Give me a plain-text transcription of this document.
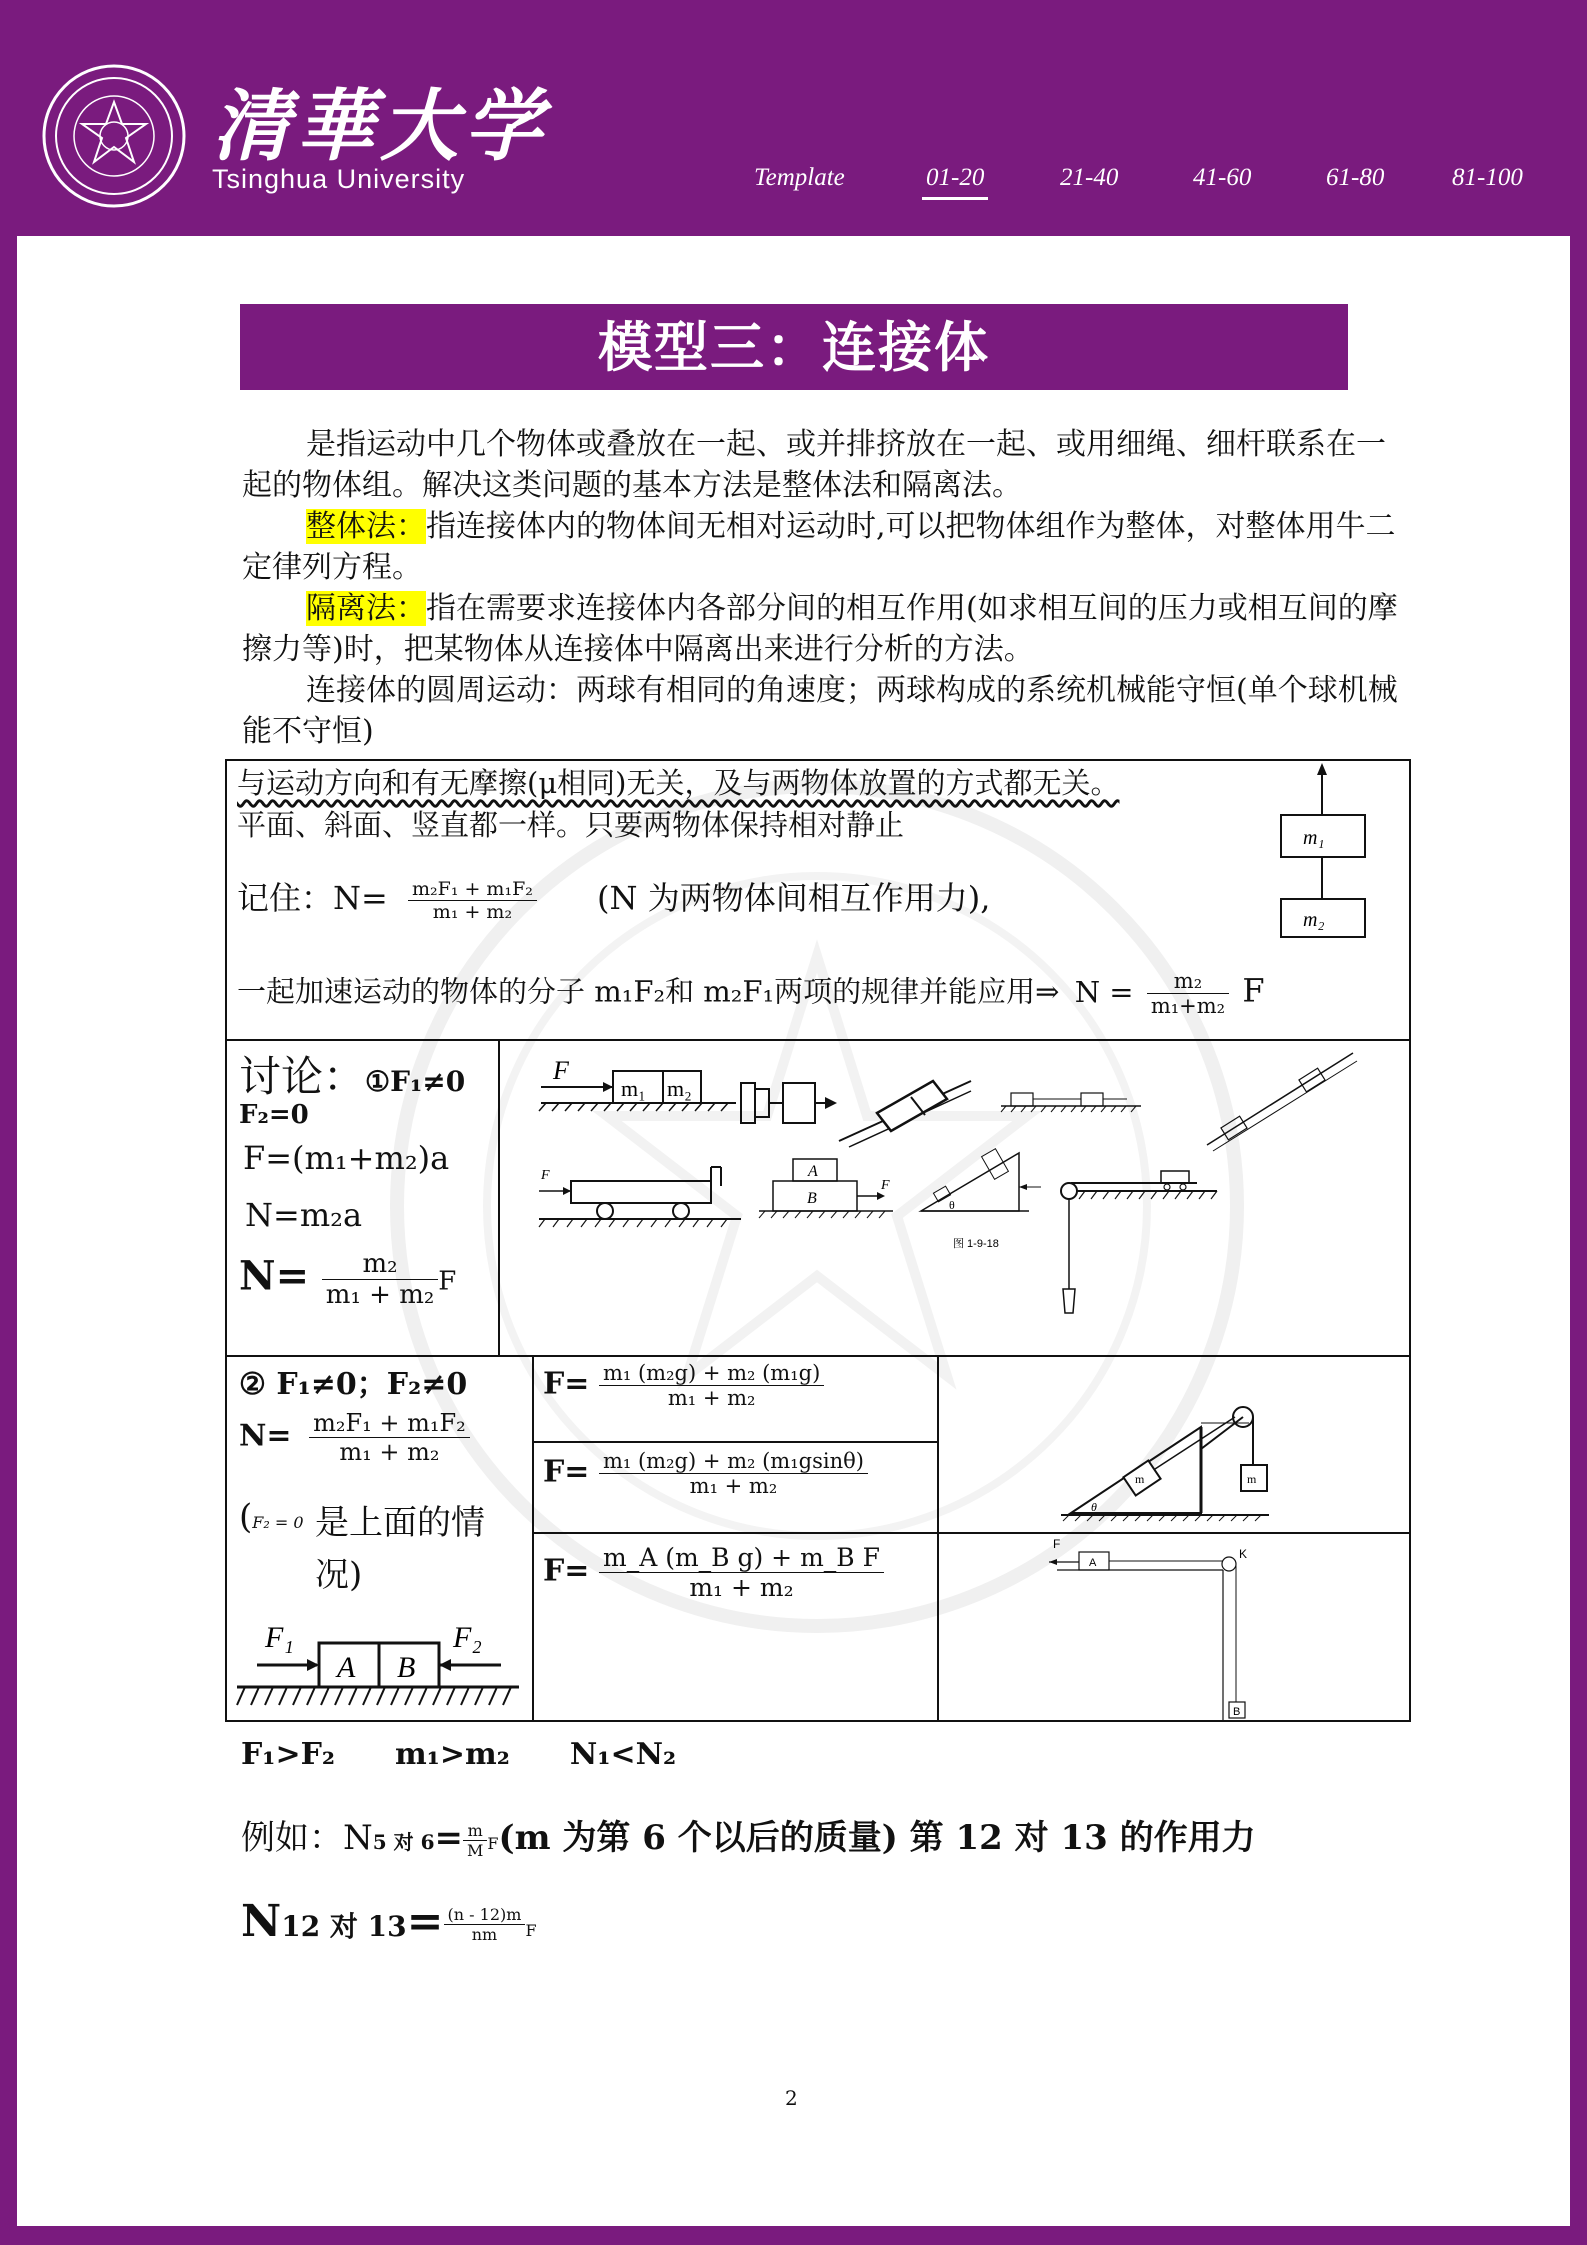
清華大学
Tsinghua University	Template	01-20	21-40	41-60	61-80	81-100
模型三：连接体
是指运动中几个物体或叠放在一起、或并排挤放在一起、或用细绳、细杆联系在一起的物体组。解决这类问题的基本方法是整体法和隔离法。
整体法：指连接体内的物体间无相对运动时,可以把物体组作为整体，对整体用牛二定律列方程。
隔离法：指在需要求连接体内各部分间的相互作用(如求相互间的压力或相互间的摩擦力等)时，把某物体从连接体中隔离出来进行分析的方法。
连接体的圆周运动：两球有相同的角速度；两球构成的系统机械能守恒(单个球机械能不守恒)
与运动方向和有无摩擦(μ相同)无关，及与两物体放置的方式都无关。
平面、斜面、竖直都一样。只要两物体保持相对静止
记住：$N= \frac{\text{m₂F₁ + m₁F₂}}{\text{m₁ + m₂}} (N$ 为两物体间相互作用力),
一起加速运动的物体的分子 m₁F₂和 m₂F₁两项的规律并能应用⇒ $N = \frac{\text{m₂}}{\text{m₁+m₂}}$ F
m₁
m₂
讨论：①F₁≠0
F₂=0
F=(m₁+m₂)a
N=m₂a
$N= \frac{\text{m₂}}{\text{m₁ + m₂}}$ F
F
m₁ m₂
F	A
B
F
θ
图 1-9-18
② F₁≠0；F₂≠0
$N= \frac{\text{m₂F₁ + m₁F₂}}{\text{m₁ + m₂}}$
(F₂ = 0 是上面的情况)
F₁
A B
F₂
$F= \frac{\text{m₁ (m₂g) + m₂ (m₁g)}}{\text{m₁ + m₂}}$
$F= \frac{\text{m₁ (m₂g) + m₂ (m₁gsinθ)}}{\text{m₁ + m₂}}$
$F= \frac{\text{m\_A (m\_B g) + m\_B F}}{\text{m₁ + m₂}}$
m	m
θ
F
A
K
B
F₁>F₂　　m₁>m₂　　N₁<N₂
例如：N5 对 $6= \frac{m}{M} F(m$ 为第 6 个以后的质量) 第 12 对 13 的作用力
N12 对 $13= \frac{(n - 12)m}{nm}$ F
2
